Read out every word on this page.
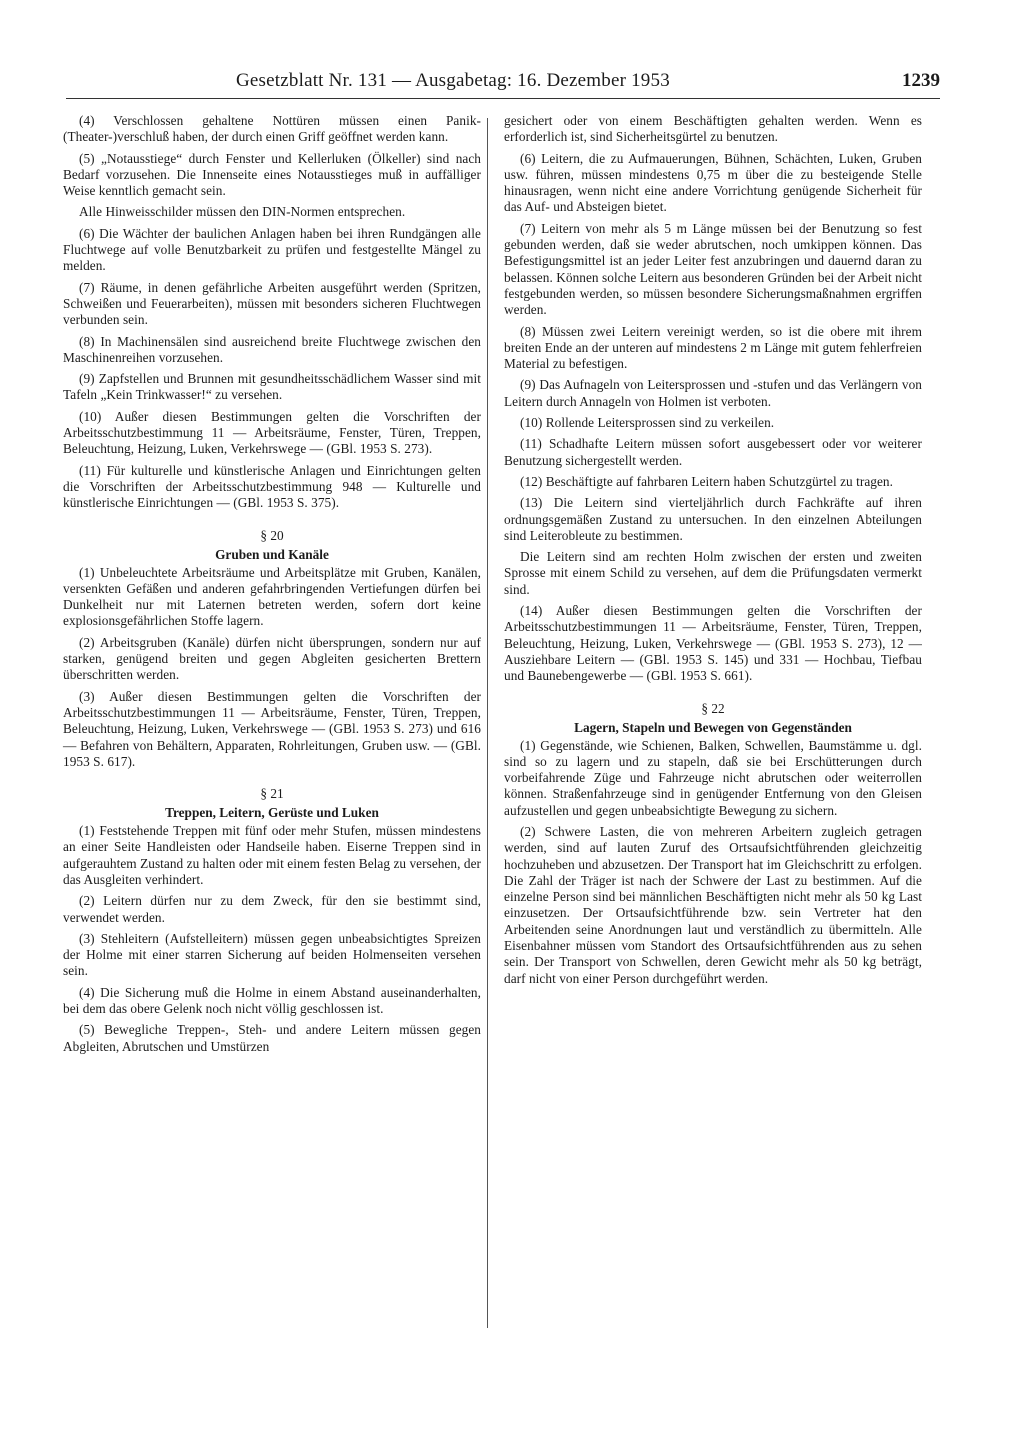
Gesetzblatt Nr. 131 — Ausgabetag: 16. Dezember 1953	1239

(4) Verschlossen gehaltene Nottüren müssen einen Panik-(Theater-)verschluß haben, der durch einen Griff geöffnet werden kann.

(5) „Notausstiege“ durch Fenster und Kellerluken (Ölkeller) sind nach Bedarf vorzusehen. Die Innenseite eines Notausstieges muß in auffälliger Weise kenntlich gemacht sein.

Alle Hinweisschilder müssen den DIN-Normen entsprechen.

(6) Die Wächter der baulichen Anlagen haben bei ihren Rundgängen alle Fluchtwege auf volle Benutzbarkeit zu prüfen und festgestellte Mängel zu melden.

(7) Räume, in denen gefährliche Arbeiten ausgeführt werden (Spritzen, Schweißen und Feuerarbeiten), müssen mit besonders sicheren Fluchtwegen verbunden sein.

(8) In Machinensälen sind ausreichend breite Fluchtwege zwischen den Maschinenreihen vorzusehen.

(9) Zapfstellen und Brunnen mit gesundheitsschädlichem Wasser sind mit Tafeln „Kein Trinkwasser!“ zu versehen.

(10) Außer diesen Bestimmungen gelten die Vorschriften der Arbeitsschutzbestimmung 11 — Arbeitsräume, Fenster, Türen, Treppen, Beleuchtung, Heizung, Luken, Verkehrswege — (GBl. 1953 S. 273).

(11) Für kulturelle und künstlerische Anlagen und Einrichtungen gelten die Vorschriften der Arbeitsschutzbestimmung 948 — Kulturelle und künstlerische Einrichtungen — (GBl. 1953 S. 375).

§ 20
Gruben und Kanäle

(1) Unbeleuchtete Arbeitsräume und Arbeitsplätze mit Gruben, Kanälen, versenkten Gefäßen und anderen gefahrbringenden Vertiefungen dürfen bei Dunkelheit nur mit Laternen betreten werden, sofern dort keine explosionsgefährlichen Stoffe lagern.

(2) Arbeitsgruben (Kanäle) dürfen nicht übersprungen, sondern nur auf starken, genügend breiten und gegen Abgleiten gesicherten Brettern überschritten werden.

(3) Außer diesen Bestimmungen gelten die Vorschriften der Arbeitsschutzbestimmungen 11 — Arbeitsräume, Fenster, Türen, Treppen, Beleuchtung, Heizung, Luken, Verkehrswege — (GBl. 1953 S. 273) und 616 — Befahren von Behältern, Apparaten, Rohrleitungen, Gruben usw. — (GBl. 1953 S. 617).

§ 21
Treppen, Leitern, Gerüste und Luken

(1) Feststehende Treppen mit fünf oder mehr Stufen, müssen mindestens an einer Seite Handleisten oder Handseile haben. Eiserne Treppen sind in aufgerauhtem Zustand zu halten oder mit einem festen Belag zu versehen, der das Ausgleiten verhindert.

(2) Leitern dürfen nur zu dem Zweck, für den sie bestimmt sind, verwendet werden.

(3) Stehleitern (Aufstelleitern) müssen gegen unbeabsichtigtes Spreizen der Holme mit einer starren Sicherung auf beiden Holmenseiten versehen sein.

(4) Die Sicherung muß die Holme in einem Abstand auseinanderhalten, bei dem das obere Gelenk noch nicht völlig geschlossen ist.

(5) Bewegliche Treppen-, Steh- und andere Leitern müssen gegen Abgleiten, Abrutschen und Umstürzen

gesichert oder von einem Beschäftigten gehalten werden. Wenn es erforderlich ist, sind Sicherheitsgürtel zu benutzen.

(6) Leitern, die zu Aufmauerungen, Bühnen, Schächten, Luken, Gruben usw. führen, müssen mindestens 0,75 m über die zu besteigende Stelle hinausragen, wenn nicht eine andere Vorrichtung genügende Sicherheit für das Auf- und Absteigen bietet.

(7) Leitern von mehr als 5 m Länge müssen bei der Benutzung so fest gebunden werden, daß sie weder abrutschen, noch umkippen können. Das Befestigungsmittel ist an jeder Leiter fest anzubringen und dauernd daran zu belassen. Können solche Leitern aus besonderen Gründen bei der Arbeit nicht festgebunden werden, so müssen besondere Sicherungsmaßnahmen ergriffen werden.

(8) Müssen zwei Leitern vereinigt werden, so ist die obere mit ihrem breiten Ende an der unteren auf mindestens 2 m Länge mit gutem fehlerfreien Material zu befestigen.

(9) Das Aufnageln von Leitersprossen und -stufen und das Verlängern von Leitern durch Annageln von Holmen ist verboten.

(10) Rollende Leitersprossen sind zu verkeilen.

(11) Schadhafte Leitern müssen sofort ausgebessert oder vor weiterer Benutzung sichergestellt werden.

(12) Beschäftigte auf fahrbaren Leitern haben Schutzgürtel zu tragen.

(13) Die Leitern sind vierteljährlich durch Fachkräfte auf ihren ordnungsgemäßen Zustand zu untersuchen. In den einzelnen Abteilungen sind Leiterobleute zu bestimmen.

Die Leitern sind am rechten Holm zwischen der ersten und zweiten Sprosse mit einem Schild zu versehen, auf dem die Prüfungsdaten vermerkt sind.

(14) Außer diesen Bestimmungen gelten die Vorschriften der Arbeitsschutzbestimmungen 11 — Arbeitsräume, Fenster, Türen, Treppen, Beleuchtung, Heizung, Luken, Verkehrswege — (GBl. 1953 S. 273), 12 — Ausziehbare Leitern — (GBl. 1953 S. 145) und 331 — Hochbau, Tiefbau und Baunebengewerbe — (GBl. 1953 S. 661).

§ 22
Lagern, Stapeln und Bewegen von Gegenständen

(1) Gegenstände, wie Schienen, Balken, Schwellen, Baumstämme u. dgl. sind so zu lagern und zu stapeln, daß sie bei Erschütterungen durch vorbeifahrende Züge und Fahrzeuge nicht abrutschen oder weiterrollen können. Straßenfahrzeuge sind in genügender Entfernung von den Gleisen aufzustellen und gegen unbeabsichtigte Bewegung zu sichern.

(2) Schwere Lasten, die von mehreren Arbeitern zugleich getragen werden, sind auf lauten Zuruf des Ortsaufsichtführenden gleichzeitig hochzuheben und abzusetzen. Der Transport hat im Gleichschritt zu erfolgen. Die Zahl der Träger ist nach der Schwere der Last zu bestimmen. Auf die einzelne Person sind bei männlichen Beschäftigten nicht mehr als 50 kg Last einzusetzen. Der Ortsaufsichtführende bzw. sein Vertreter hat den Arbeitenden seine Anordnungen laut und verständlich zu übermitteln. Alle Eisenbahner müssen vom Standort des Ortsaufsichtführenden aus zu sehen sein. Der Transport von Schwellen, deren Gewicht mehr als 50 kg beträgt, darf nicht von einer Person durchgeführt werden.
